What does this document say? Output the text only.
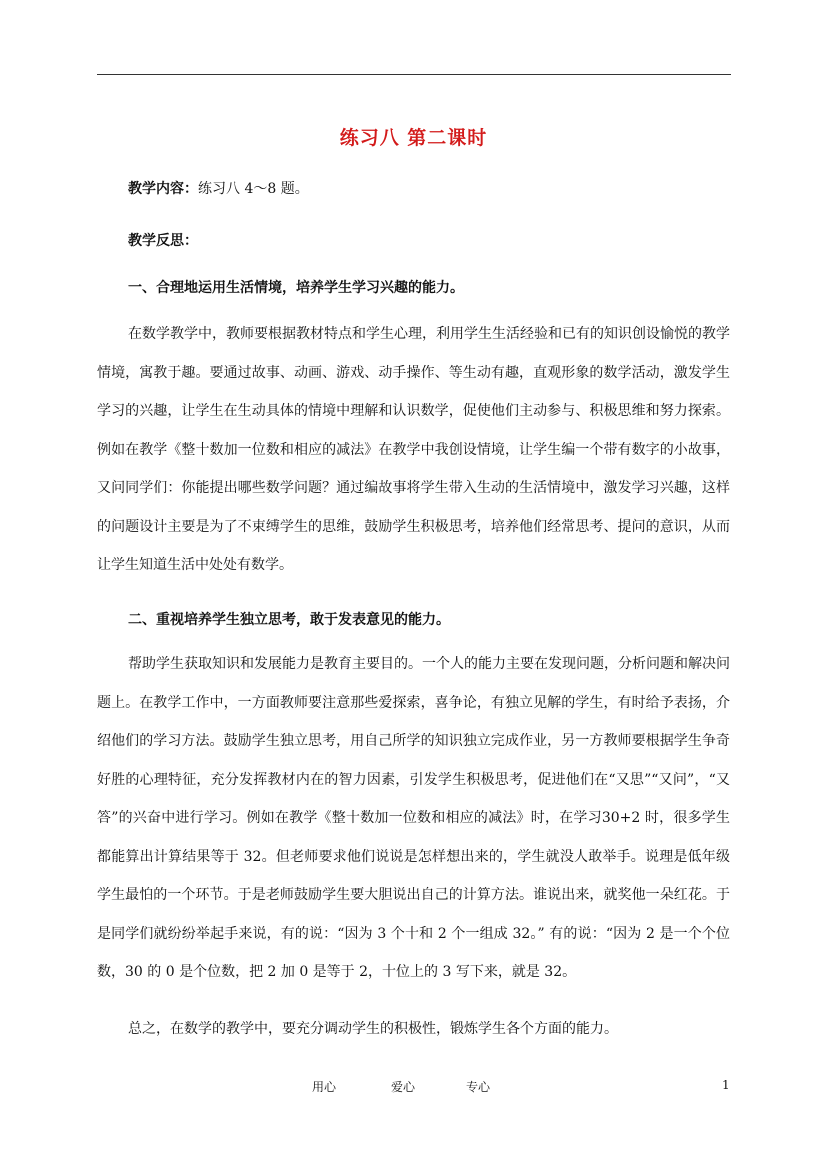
练习八 第二课时
教学内容：练习八 4～8 题。
教学反思：
一、合理地运用生活情境，培养学生学习兴趣的能力。
在数学教学中，教师要根据教材特点和学生心理，利用学生生活经验和已有的知识创设愉悦的教学情境，寓教于趣。要通过故事、动画、游戏、动手操作、等生动有趣，直观形象的数学活动，激发学生学习的兴趣，让学生在生动具体的情境中理解和认识数学，促使他们主动参与、积极思维和努力探索。例如在教学《整十数加一位数和相应的减法》在教学中我创设情境，让学生编一个带有数字的小故事，又问同学们：你能提出哪些数学问题？通过编故事将学生带入生动的生活情境中，激发学习兴趣，这样的问题设计主要是为了不束缚学生的思维，鼓励学生积极思考，培养他们经常思考、提问的意识，从而让学生知道生活中处处有数学。
二、重视培养学生独立思考，敢于发表意见的能力。
帮助学生获取知识和发展能力是教育主要目的。一个人的能力主要在发现问题，分析问题和解决问题上。在教学工作中，一方面教师要注意那些爱探索，喜争论，有独立见解的学生，有时给予表扬，介绍他们的学习方法。鼓励学生独立思考，用自己所学的知识独立完成作业，另一方教师要根据学生争奇好胜的心理特征，充分发挥教材内在的智力因素，引发学生积极思考，促进他们在“又思”“又问”，“又答”的兴奋中进行学习。例如在教学《整十数加一位数和相应的减法》时，在学习30+2 时，很多学生都能算出计算结果等于 32。但老师要求他们说说是怎样想出来的，学生就没人敢举手。说理是低年级学生最怕的一个环节。于是老师鼓励学生要大胆说出自己的计算方法。谁说出来，就奖他一朵红花。于是同学们就纷纷举起手来说，有的说：“因为 3 个十和 2 个一组成 32。” 有的说：“因为 2 是一个个位数，30 的 0 是个位数，把 2 加 0 是等于 2，十位上的 3 写下来，就是 32。
总之，在数学的教学中，要充分调动学生的积极性，锻炼学生各个方面的能力。
用心	爱心	专心	1
